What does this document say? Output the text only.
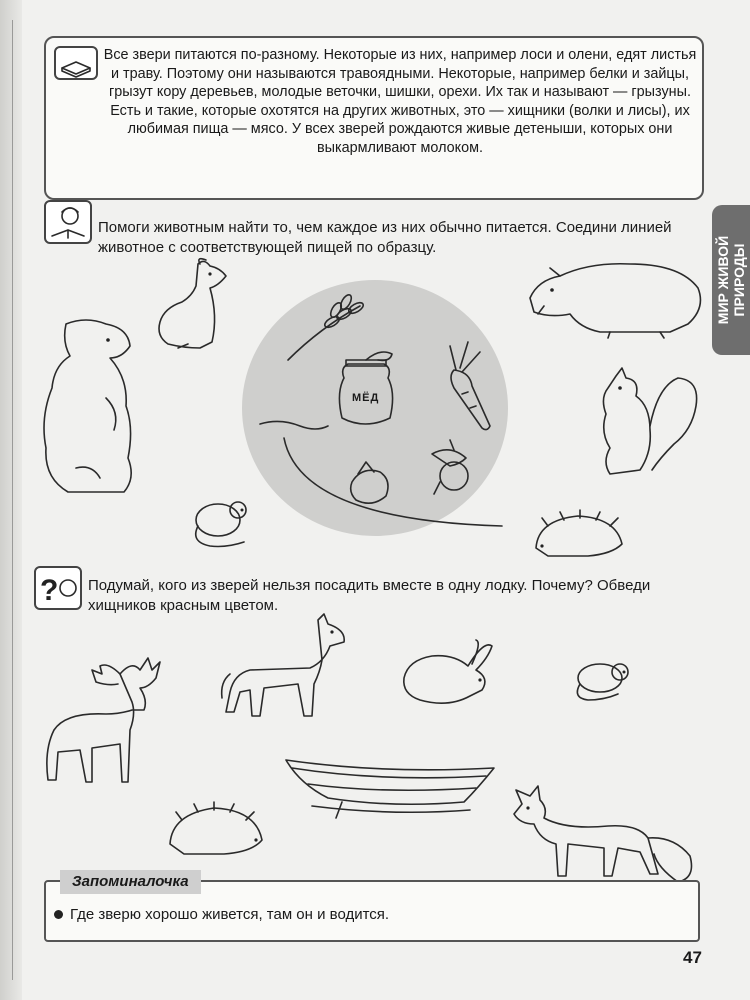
Все звери питаются по-разному. Некоторые из них, например лоси и олени, едят листья и траву. Поэтому они называются травоядными. Некоторые, например белки и зайцы, грызут кору деревьев, молодые веточки, шишки, орехи. Их так и называют — грызуны. Есть и такие, которые охотятся на других животных, это — хищники (волки и лисы), их любимая пища — мясо. У всех зверей рождаются живые детеныши, которых они выкармливают молоком.
Помоги животным найти то, чем каждое из них обычно питается. Соедини линией животное с соответствующей пищей по образцу.	МИР ЖИВОЙ ПРИРОДЫ
МЁД
? Подумай, кого из зверей нельзя посадить вместе в одну лодку. Почему? Обведи хищников красным цветом.
Запоминалочка
Где зверю хорошо живется, там он и водится.
47
